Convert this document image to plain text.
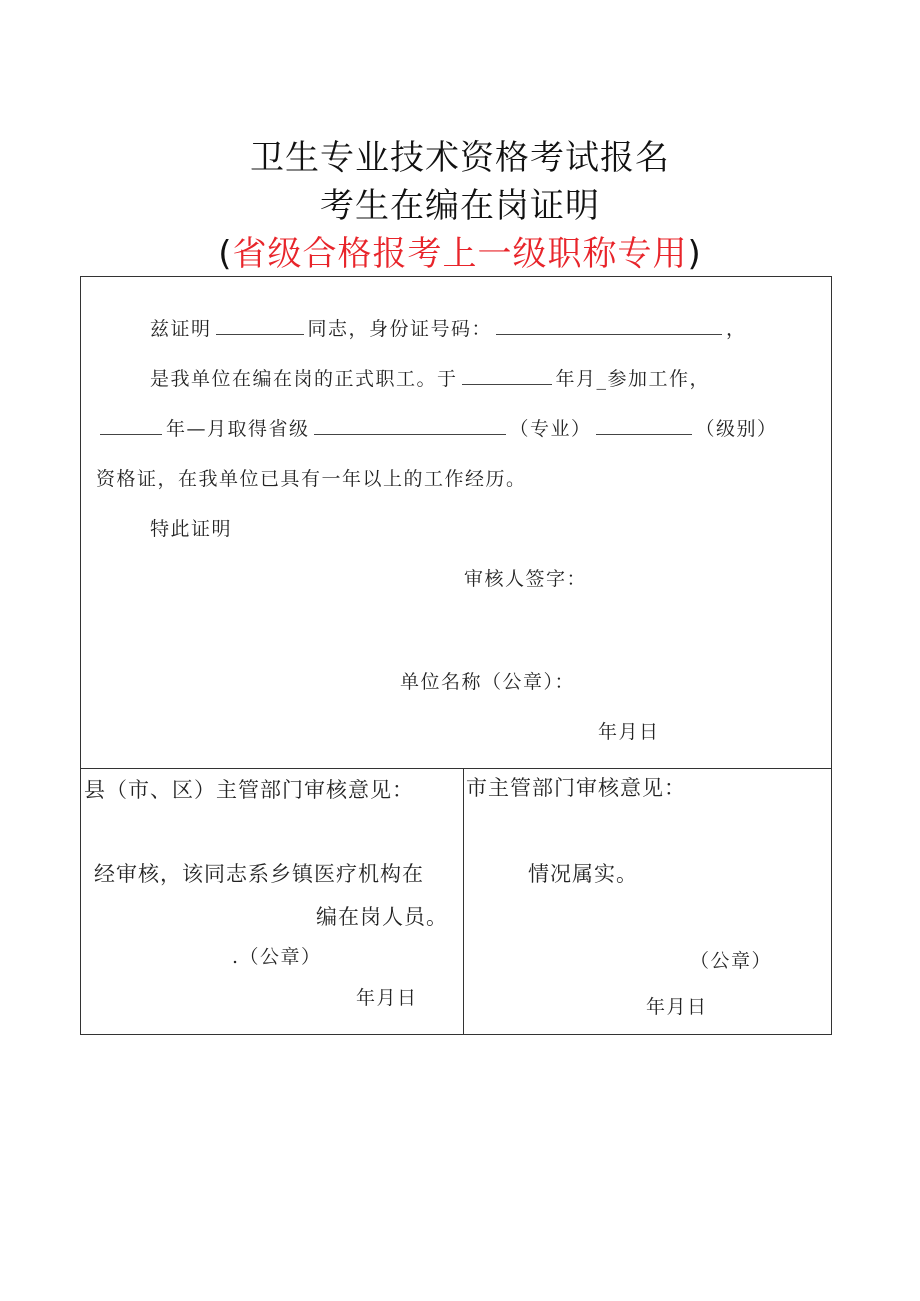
卫生专业技术资格考试报名
考生在编在岗证明
(省级合格报考上一级职称专用)
兹证明	同志，身份证号码：	，
是我单位在编在岗的正式职工。于	年月_参加工作，
年—月取得省级	（专业）	（级别）
资格证，在我单位已具有一年以上的工作经历。
特此证明
审核人签字：
单位名称（公章）：
年月日
县（市、区）主管部门审核意见：
经审核，该同志系乡镇医疗机构在
编在岗人员。
.（公章）
年月日
市主管部门审核意见：
情况属实。
（公章）
年月日
